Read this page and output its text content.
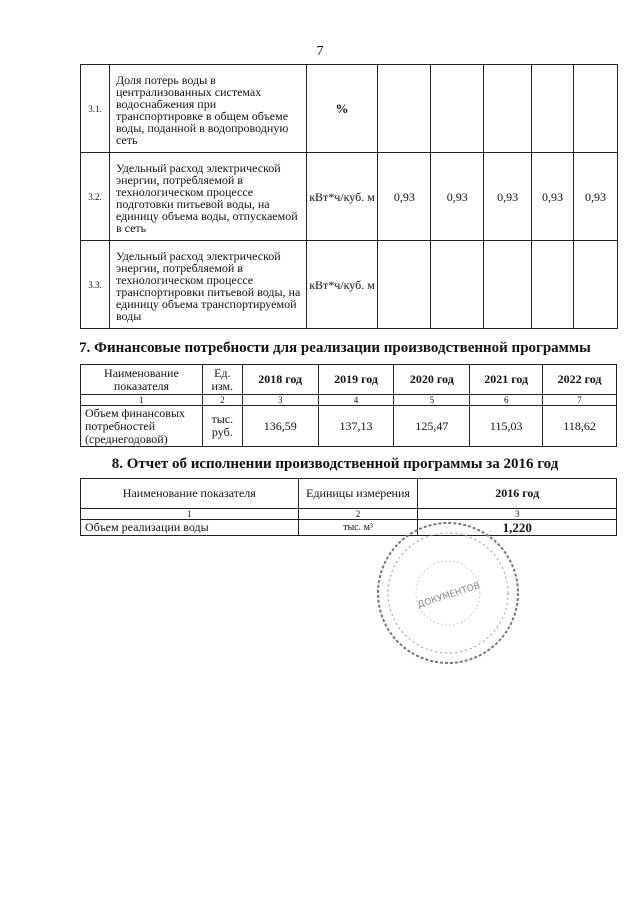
7
3.1.	Доля потерь воды в централизованных системах водоснабжения при транспортировке в общем объеме воды, поданной в водопроводную сеть	%					
3.2.	Удельный расход электрической энергии, потребляемой в технологическом процессе подготовки питьевой воды, на единицу объема воды, отпускаемой в сеть	кВт*ч/куб. м	0,93	0,93	0,93	0,93	0,93
3.3.	Удельный расход электрической энергии, потребляемой в технологическом процессе транспортировки питьевой воды, на единицу объема транспортируемой воды	кВт*ч/куб. м					
7. Финансовые потребности для реализации производственной программы
Наименование показателя	Ед. изм.	2018 год	2019 год	2020 год	2021 год	2022 год
1	2	3	4	5	6	7
Объем финансовых потребностей (среднегодовой)	тыс. руб.	136,59	137,13	125,47	115,03	118,62
8. Отчет об исполнении производственной программы за 2016 год
Наименование показателя	Единицы измерения	2016 год
1	2	3
Объем реализации воды	тыс. м³	1,220
ДОКУМЕНТОВ
